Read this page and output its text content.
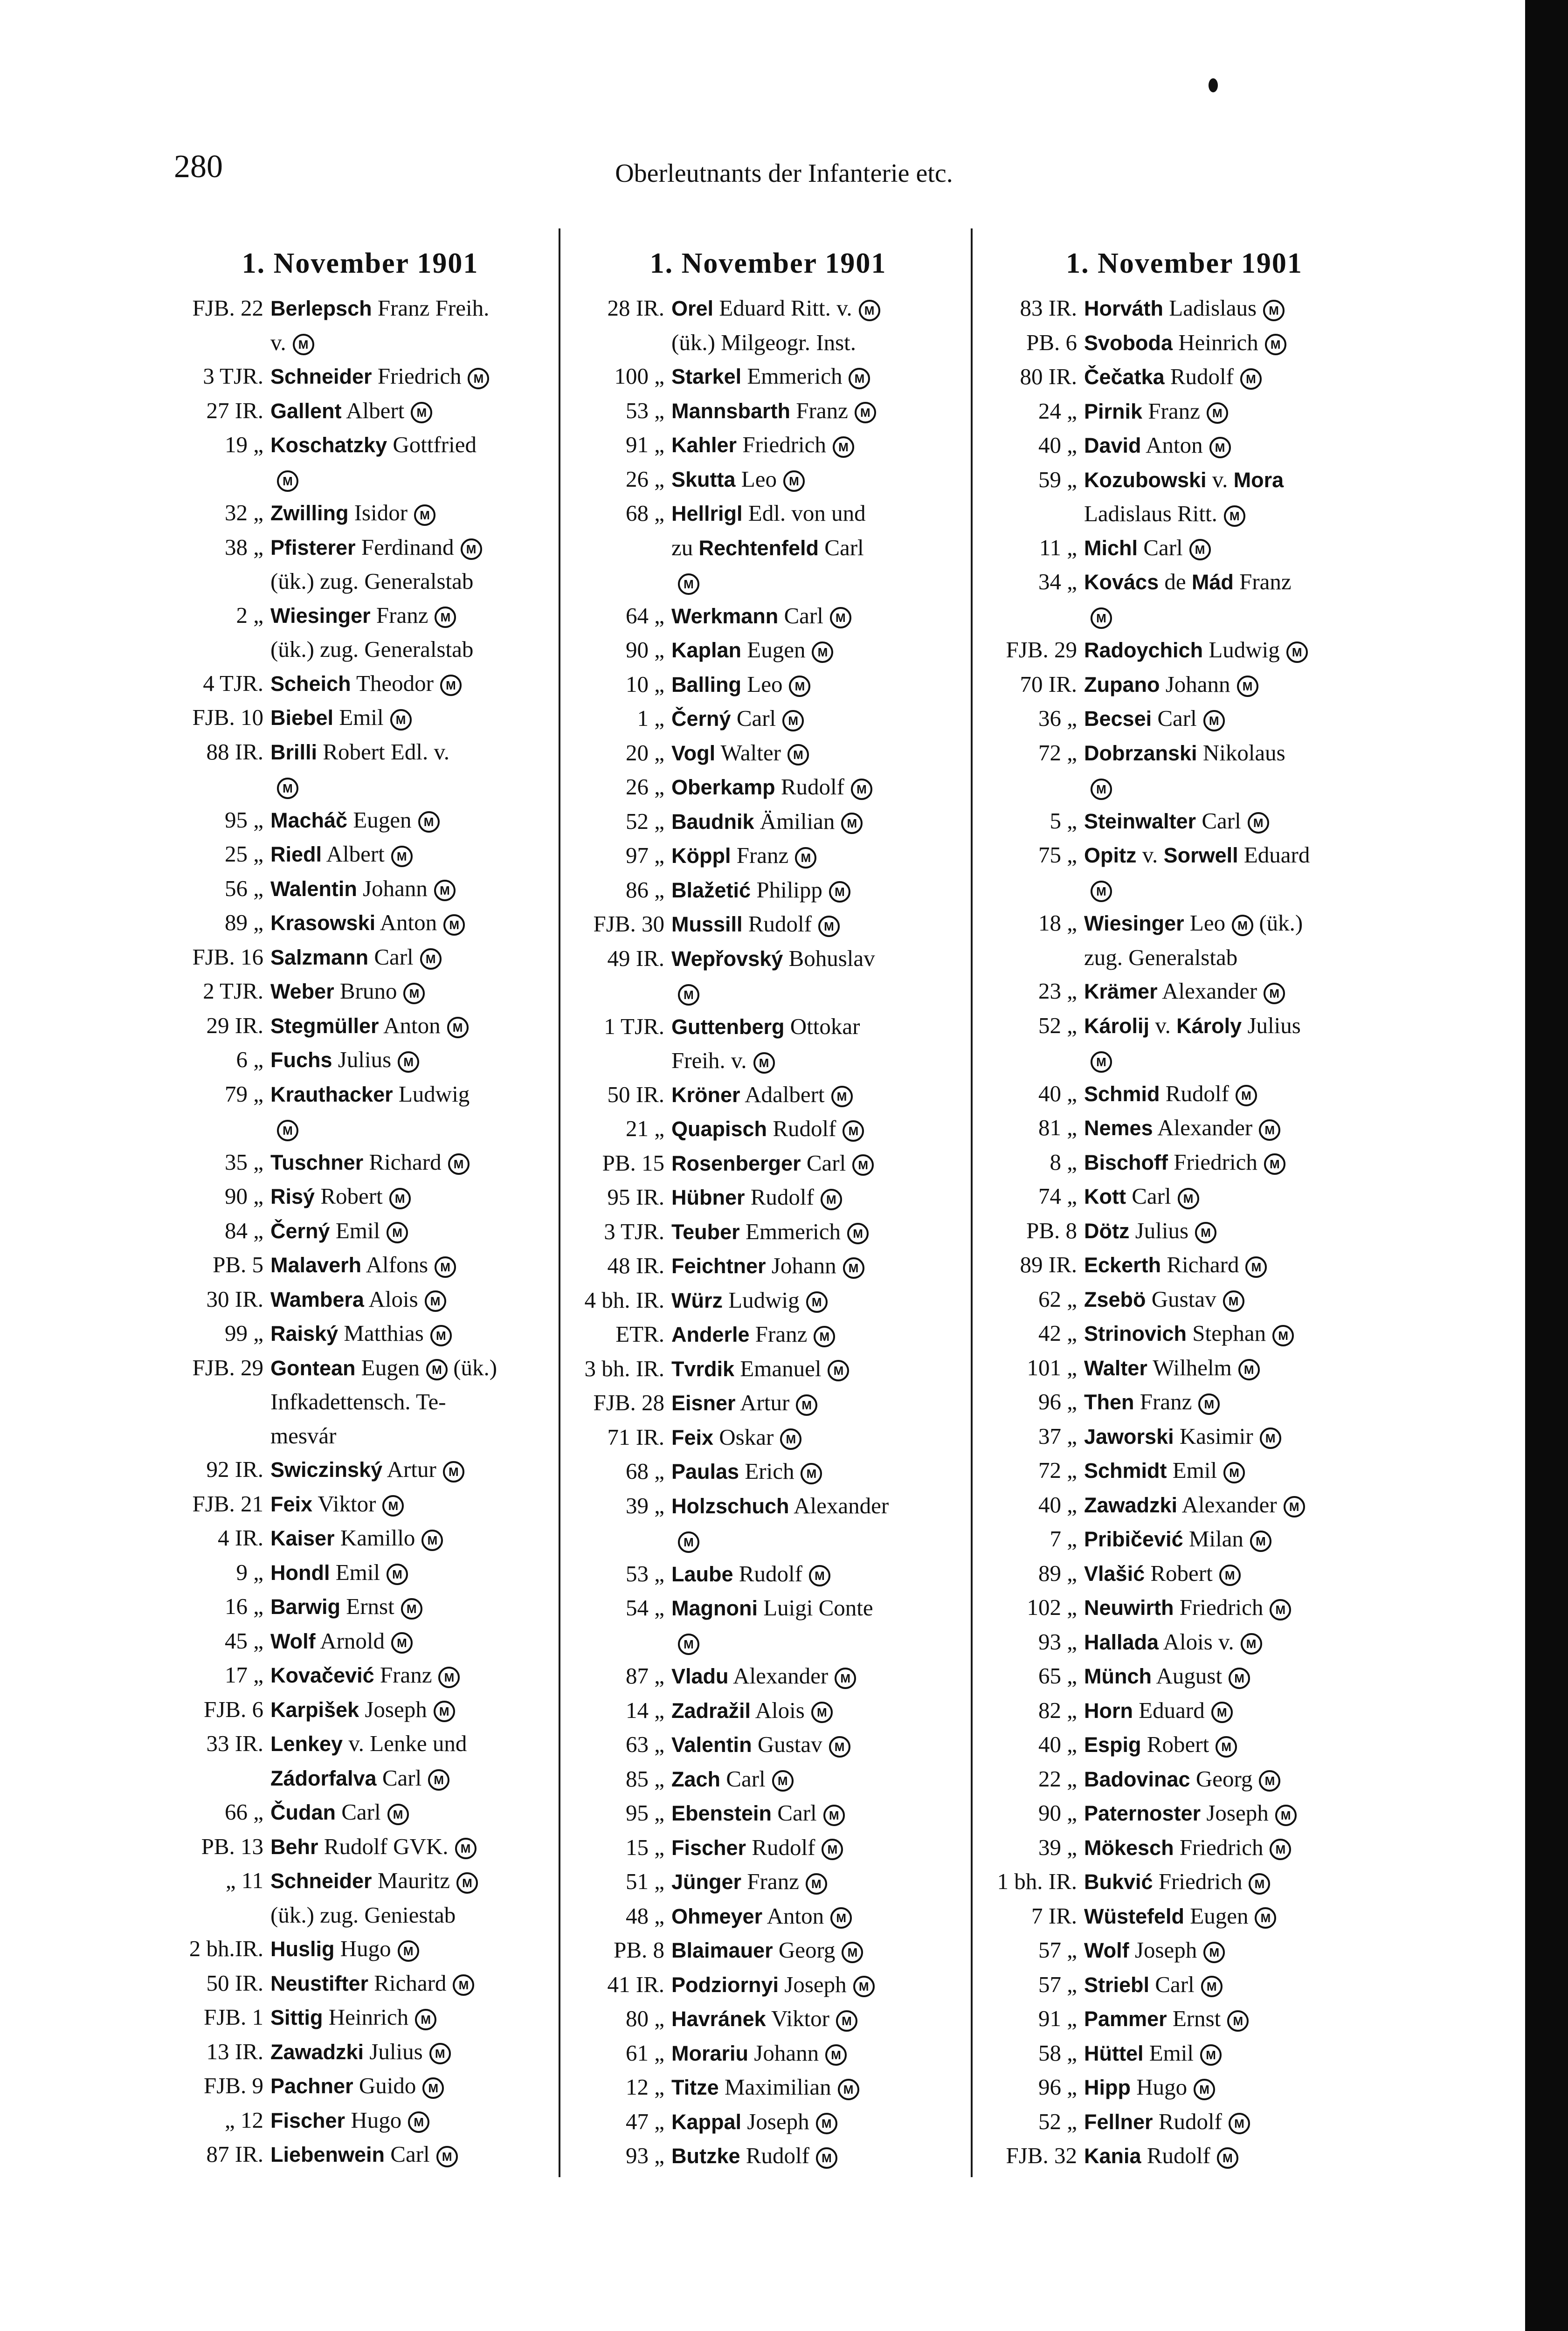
280	Oberleutnants der Infanterie etc.
1. November 1901
FJB. 22 Berlepsch Franz Freih.
v. M
3 TJR. Schneider Friedrich M
27 IR. Gallent Albert M
19 „ Koschatzky Gottfried
M
32 „ Zwilling Isidor M
38 „ Pfisterer Ferdinand M
(ük.) zug. Generalstab
2 „ Wiesinger Franz M
(ük.) zug. Generalstab
4 TJR. Scheich Theodor M
FJB. 10 Biebel Emil M
88 IR. Brilli Robert Edl. v.
M
95 „ Macháč Eugen M
25 „ Riedl Albert M
56 „ Walentin Johann M
89 „ Krasowski Anton M
FJB. 16 Salzmann Carl M
2 TJR. Weber Bruno M
29 IR. Stegmüller Anton M
6 „ Fuchs Julius M
79 „ Krauthacker Ludwig
M
35 „ Tuschner Richard M
90 „ Risý Robert M
84 „ Černý Emil M
PB. 5 Malaverh Alfons M
30 IR. Wambera Alois M
99 „ Raiský Matthias M
FJB. 29 Gontean Eugen M (ük.)
Infkadettensch. Te-
mesvár
92 IR. Swiczinský Artur M
FJB. 21 Feix Viktor M
4 IR. Kaiser Kamillo M
9 „ Hondl Emil M
16 „ Barwig Ernst M
45 „ Wolf Arnold M
17 „ Kovačević Franz M
FJB. 6 Karpišek Joseph M
33 IR. Lenkey v. Lenke und
Zádorfalva Carl M
66 „ Čudan Carl M
PB. 13 Behr Rudolf GVK. M
„ 11 Schneider Mauritz M
(ük.) zug. Geniestab
2 bh.IR. Huslig Hugo M
50 IR. Neustifter Richard M
FJB. 1 Sittig Heinrich M
13 IR. Zawadzki Julius M
FJB. 9 Pachner Guido M
„ 12 Fischer Hugo M
87 IR. Liebenwein Carl M
1. November 1901
28 IR. Orel Eduard Ritt. v. M
(ük.) Milgeogr. Inst.
100 „ Starkel Emmerich M
53 „ Mannsbarth Franz M
91 „ Kahler Friedrich M
26 „ Skutta Leo M
68 „ Hellrigl Edl. von und
zu Rechtenfeld Carl
M
64 „ Werkmann Carl M
90 „ Kaplan Eugen M
10 „ Balling Leo M
1 „ Černý Carl M
20 „ Vogl Walter M
26 „ Oberkamp Rudolf M
52 „ Baudnik Ämilian M
97 „ Köppl Franz M
86 „ Blažetić Philipp M
FJB. 30 Mussill Rudolf M
49 IR. Wepřovský Bohuslav
M
1 TJR. Guttenberg Ottokar
Freih. v. M
50 IR. Kröner Adalbert M
21 „ Quapisch Rudolf M
PB. 15 Rosenberger Carl M
95 IR. Hübner Rudolf M
3 TJR. Teuber Emmerich M
48 IR. Feichtner Johann M
4 bh. IR. Würz Ludwig M
ETR. Anderle Franz M
3 bh. IR. Tvrdik Emanuel M
FJB. 28 Eisner Artur M
71 IR. Feix Oskar M
68 „ Paulas Erich M
39 „ Holzschuch Alexander
M
53 „ Laube Rudolf M
54 „ Magnoni Luigi Conte
M
87 „ Vladu Alexander M
14 „ Zadražil Alois M
63 „ Valentin Gustav M
85 „ Zach Carl M
95 „ Ebenstein Carl M
15 „ Fischer Rudolf M
51 „ Jünger Franz M
48 „ Ohmeyer Anton M
PB. 8 Blaimauer Georg M
41 IR. Podziornyi Joseph M
80 „ Havránek Viktor M
61 „ Morariu Johann M
12 „ Titze Maximilian M
47 „ Kappal Joseph M
93 „ Butzke Rudolf M
1. November 1901
83 IR. Horváth Ladislaus M
PB. 6 Svoboda Heinrich M
80 IR. Čečatka Rudolf M
24 „ Pirnik Franz M
40 „ David Anton M
59 „ Kozubowski v. Mora
Ladislaus Ritt. M
11 „ Michl Carl M
34 „ Kovács de Mád Franz
M
FJB. 29 Radoychich Ludwig M
70 IR. Zupano Johann M
36 „ Becsei Carl M
72 „ Dobrzanski Nikolaus
M
5 „ Steinwalter Carl M
75 „ Opitz v. Sorwell Eduard
M
18 „ Wiesinger Leo M (ük.)
zug. Generalstab
23 „ Krämer Alexander M
52 „ Károlij v. Károly Julius
M
40 „ Schmid Rudolf M
81 „ Nemes Alexander M
8 „ Bischoff Friedrich M
74 „ Kott Carl M
PB. 8 Dötz Julius M
89 IR. Eckerth Richard M
62 „ Zsebö Gustav M
42 „ Strinovich Stephan M
101 „ Walter Wilhelm M
96 „ Then Franz M
37 „ Jaworski Kasimir M
72 „ Schmidt Emil M
40 „ Zawadzki Alexander M
7 „ Pribičević Milan M
89 „ Vlašić Robert M
102 „ Neuwirth Friedrich M
93 „ Hallada Alois v. M
65 „ Münch August M
82 „ Horn Eduard M
40 „ Espig Robert M
22 „ Badovinac Georg M
90 „ Paternoster Joseph M
39 „ Mökesch Friedrich M
1 bh. IR. Bukvić Friedrich M
7 IR. Wüstefeld Eugen M
57 „ Wolf Joseph M
57 „ Striebl Carl M
91 „ Pammer Ernst M
58 „ Hüttel Emil M
96 „ Hipp Hugo M
52 „ Fellner Rudolf M
FJB. 32 Kania Rudolf M
